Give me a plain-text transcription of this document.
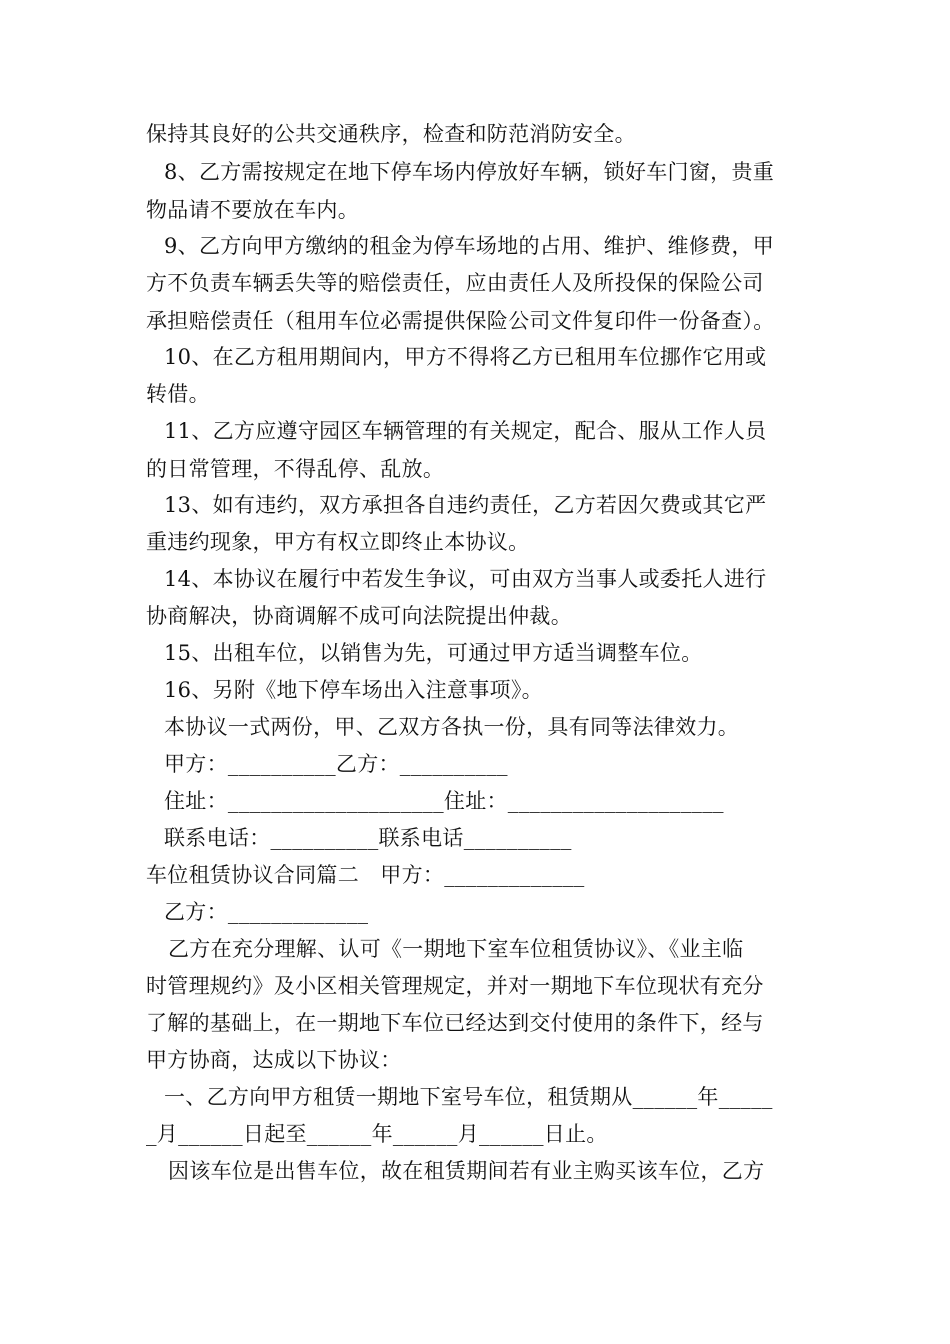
保持其良好的公共交通秩序，检查和防范消防安全。
8、乙方需按规定在地下停车场内停放好车辆，锁好车门窗，贵重
物品请不要放在车内。
9、乙方向甲方缴纳的租金为停车场地的占用、维护、维修费，甲
方不负责车辆丢失等的赔偿责任，应由责任人及所投保的保险公司
承担赔偿责任（租用车位必需提供保险公司文件复印件一份备查）。
10、在乙方租用期间内，甲方不得将乙方已租用车位挪作它用或
转借。
11、乙方应遵守园区车辆管理的有关规定，配合、服从工作人员
的日常管理，不得乱停、乱放。
13、如有违约，双方承担各自违约责任，乙方若因欠费或其它严
重违约现象，甲方有权立即终止本协议。
14、本协议在履行中若发生争议，可由双方当事人或委托人进行
协商解决，协商调解不成可向法院提出仲裁。
15、出租车位，以销售为先，可通过甲方适当调整车位。
16、另附《地下停车场出入注意事项》。
本协议一式两份，甲、乙双方各执一份，具有同等法律效力。
甲方：__________乙方：__________
住址：____________________住址：____________________
联系电话：__________联系电话__________
车位租赁协议合同篇二　甲方：_____________
乙方：_____________
乙方在充分理解、认可《一期地下室车位租赁协议》、《业主临
时管理规约》及小区相关管理规定，并对一期地下车位现状有充分
了解的基础上，在一期地下车位已经达到交付使用的条件下，经与
甲方协商，达成以下协议：
一、乙方向甲方租赁一期地下室号车位，租赁期从______年_____
_月______日起至______年______月______日止。
因该车位是出售车位，故在租赁期间若有业主购买该车位，乙方
